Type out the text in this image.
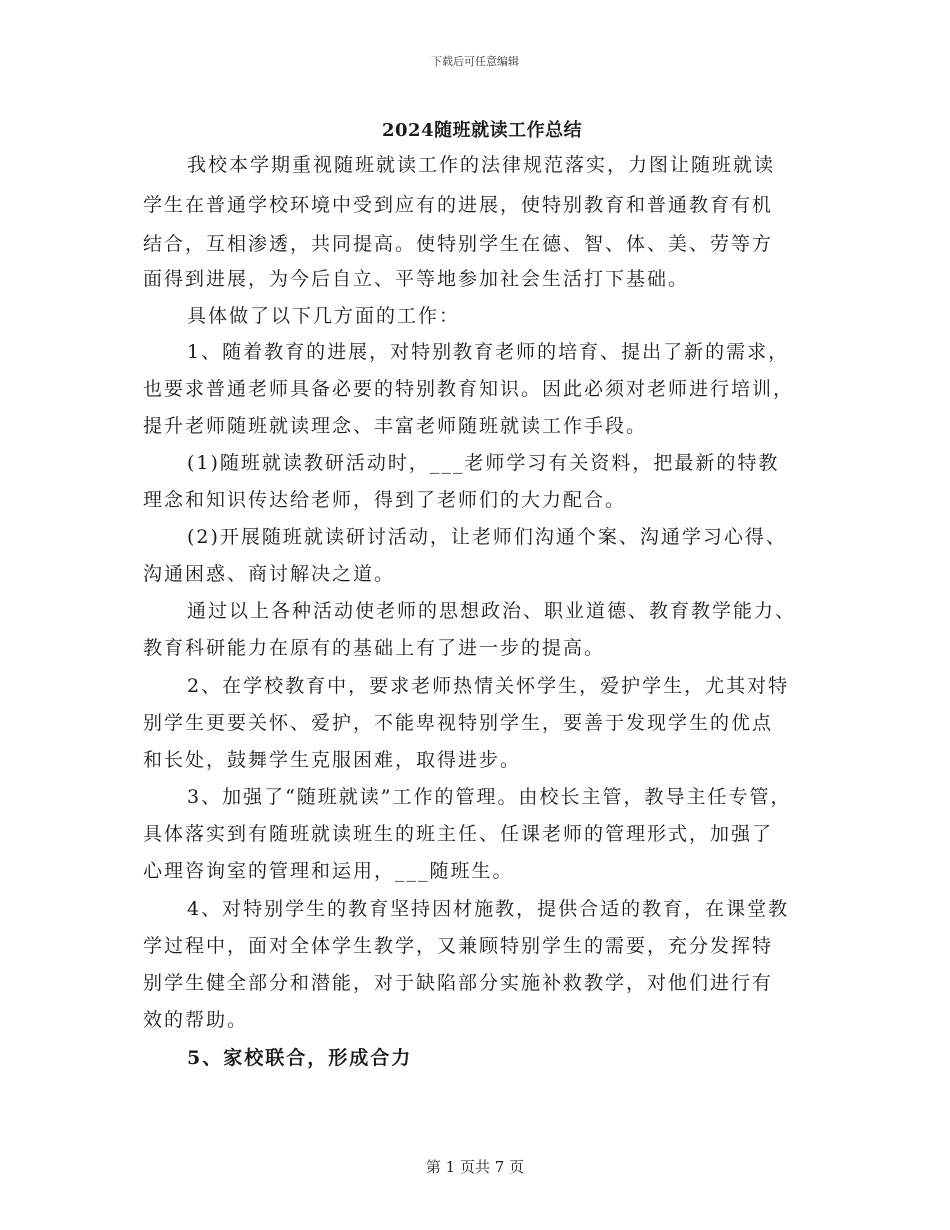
下载后可任意编辑
2024随班就读工作总结
我校本学期重视随班就读工作的法律规范落实，力图让随班就读
学生在普通学校环境中受到应有的进展，使特别教育和普通教育有机
结合，互相渗透，共同提高。使特别学生在德、智、体、美、劳等方
面得到进展，为今后自立、平等地参加社会生活打下基础。
具体做了以下几方面的工作：
1、随着教育的进展，对特别教育老师的培育、提出了新的需求，
也要求普通老师具备必要的特别教育知识。因此必须对老师进行培训，
提升老师随班就读理念、丰富老师随班就读工作手段。
(1)随班就读教研活动时，___老师学习有关资料，把最新的特教
理念和知识传达给老师，得到了老师们的大力配合。
(2)开展随班就读研讨活动，让老师们沟通个案、沟通学习心得、
沟通困惑、商讨解决之道。
通过以上各种活动使老师的思想政治、职业道德、教育教学能力、
教育科研能力在原有的基础上有了进一步的提高。
2、在学校教育中，要求老师热情关怀学生，爱护学生，尤其对特
别学生更要关怀、爱护，不能卑视特别学生，要善于发现学生的优点
和长处，鼓舞学生克服困难，取得进步。
3、加强了“随班就读”工作的管理。由校长主管，教导主任专管，
具体落实到有随班就读班生的班主任、任课老师的管理形式，加强了
心理咨询室的管理和运用，___随班生。
4、对特别学生的教育坚持因材施教，提供合适的教育，在课堂教
学过程中，面对全体学生教学，又兼顾特别学生的需要，充分发挥特
别学生健全部分和潜能，对于缺陷部分实施补救教学，对他们进行有
效的帮助。
5、家校联合，形成合力
第 1 页共 7 页
